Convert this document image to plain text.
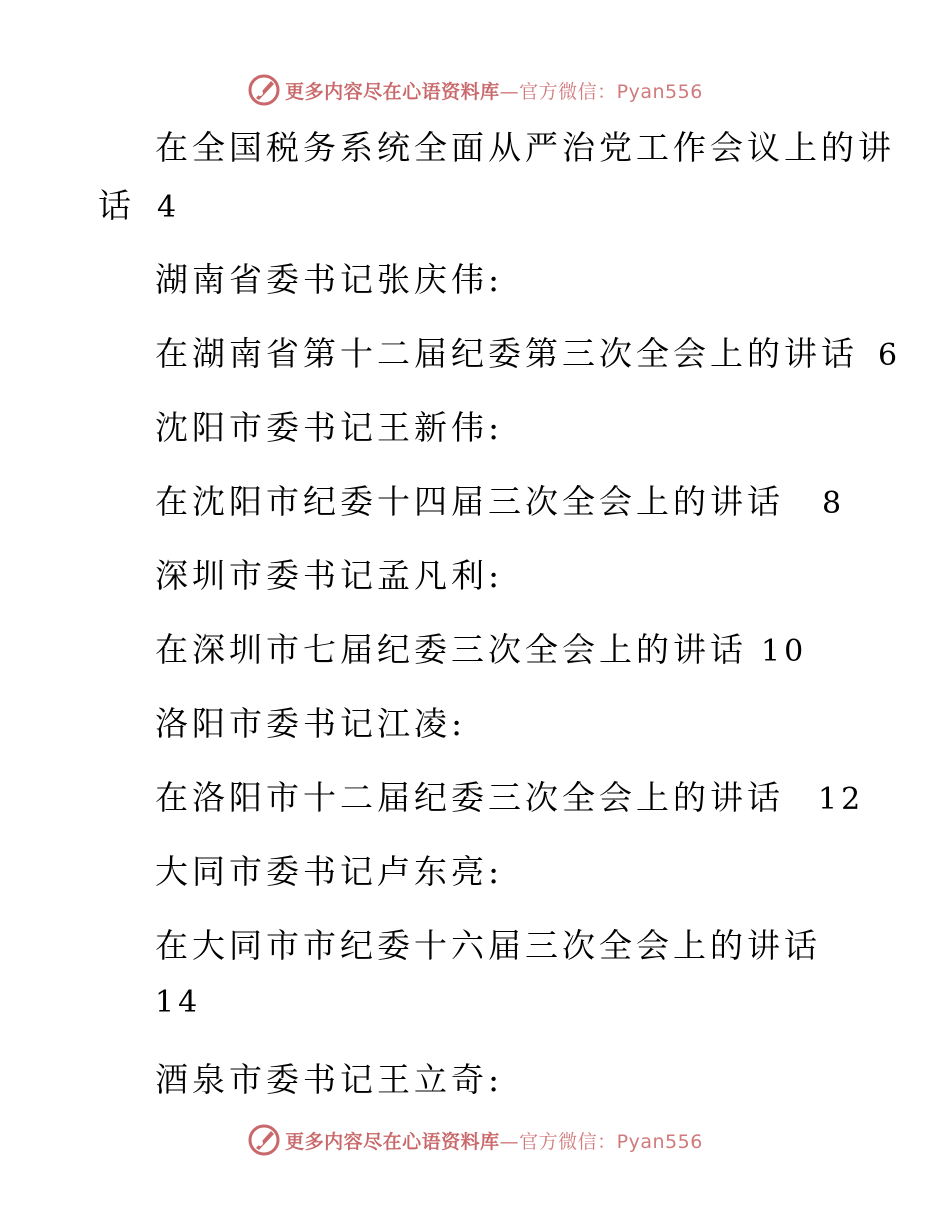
更多内容尽在心语资料库—官方微信：Pyan556
在全国税务系统全面从严治党工作会议上的讲
话 4
湖南省委书记张庆伟:
在湖南省第十二届纪委第三次全会上的讲话 6
沈阳市委书记王新伟:
在沈阳市纪委十四届三次全会上的讲话 8
深圳市委书记孟凡利:
在深圳市七届纪委三次全会上的讲话 10
洛阳市委书记江凌:
在洛阳市十二届纪委三次全会上的讲话 12
大同市委书记卢东亮:
在大同市市纪委十六届三次全会上的讲话
14
酒泉市委书记王立奇:
更多内容尽在心语资料库—官方微信：Pyan556
